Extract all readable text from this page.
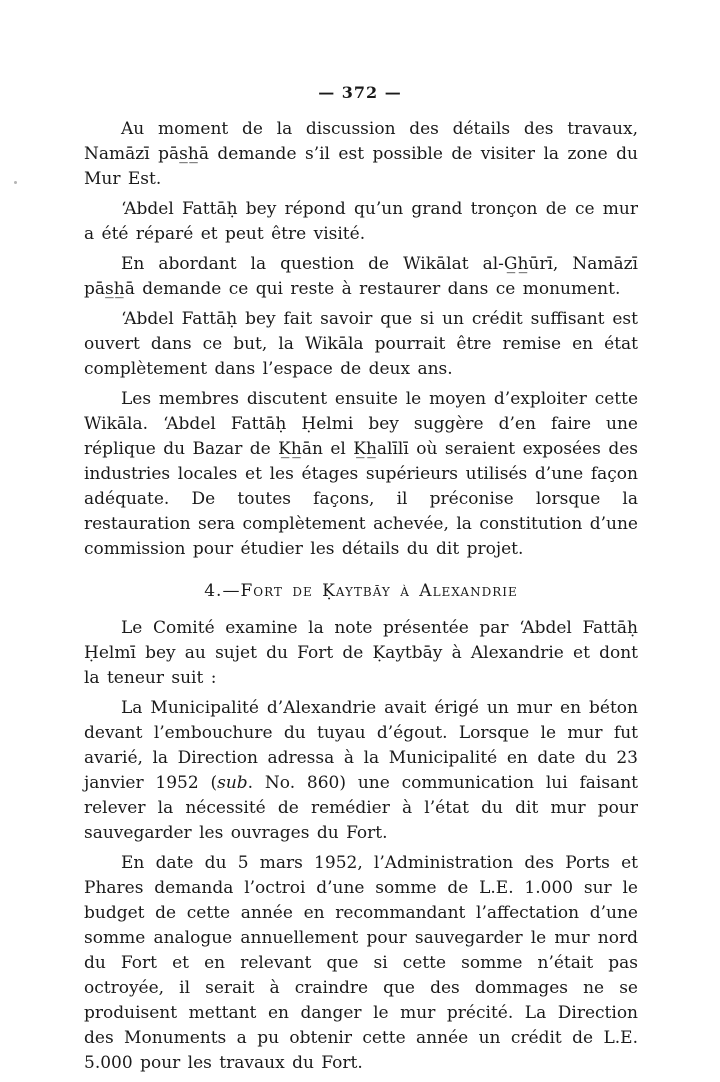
— 372 —

Au moment de la discussion des détails des travaux, Namāzī pās̲h̲ā demande s’il est possible de visiter la zone du Mur Est.

‘Abdel Fattāḥ bey répond qu’un grand tronçon de ce mur a été réparé et peut être visité.

En abordant la question de Wikālat al-G̲h̲ūrī, Namāzī pās̲h̲ā demande ce qui reste à restaurer dans ce monument.

‘Abdel Fattāḥ bey fait savoir que si un crédit suffisant est ouvert dans ce but, la Wikāla pourrait être remise en état complètement dans l’espace de deux ans.

Les membres discutent ensuite le moyen d’exploiter cette Wikāla. ‘Abdel Fattāḥ Ḥelmi bey suggère d’en faire une réplique du Bazar de K̲h̲ān el K̲h̲alīlī où seraient exposées des industries locales et les étages supérieurs utilisés d’une façon adéquate. De toutes façons, il préconise lorsque la restauration sera complètement achevée, la constitution d’une commission pour étudier les détails du dit projet.

4.—Fort de Ḳaytbāy à Alexandrie

Le Comité examine la note présentée par ‘Abdel Fattāḥ Ḥelmī bey au sujet du Fort de Ḳaytbāy à Alexandrie et dont la teneur suit :

La Municipalité d’Alexandrie avait érigé un mur en béton devant l’embouchure du tuyau d’égout. Lorsque le mur fut avarié, la Direction adressa à la Municipalité en date du 23 janvier 1952 (sub. No. 860) une communication lui faisant relever la nécessité de remédier à l’état du dit mur pour sauvegarder les ouvrages du Fort.

En date du 5 mars 1952, l’Administration des Ports et Phares demanda l’octroi d’une somme de L.E. 1.000 sur le budget de cette année en recommandant l’affectation d’une somme analogue annuellement pour sauvegarder le mur nord du Fort et en relevant que si cette somme n’était pas octroyée, il serait à craindre que des dommages ne se produisent mettant en danger le mur précité. La Direction des Monuments a pu obtenir cette année un crédit de L.E. 5.000 pour les travaux du Fort.
